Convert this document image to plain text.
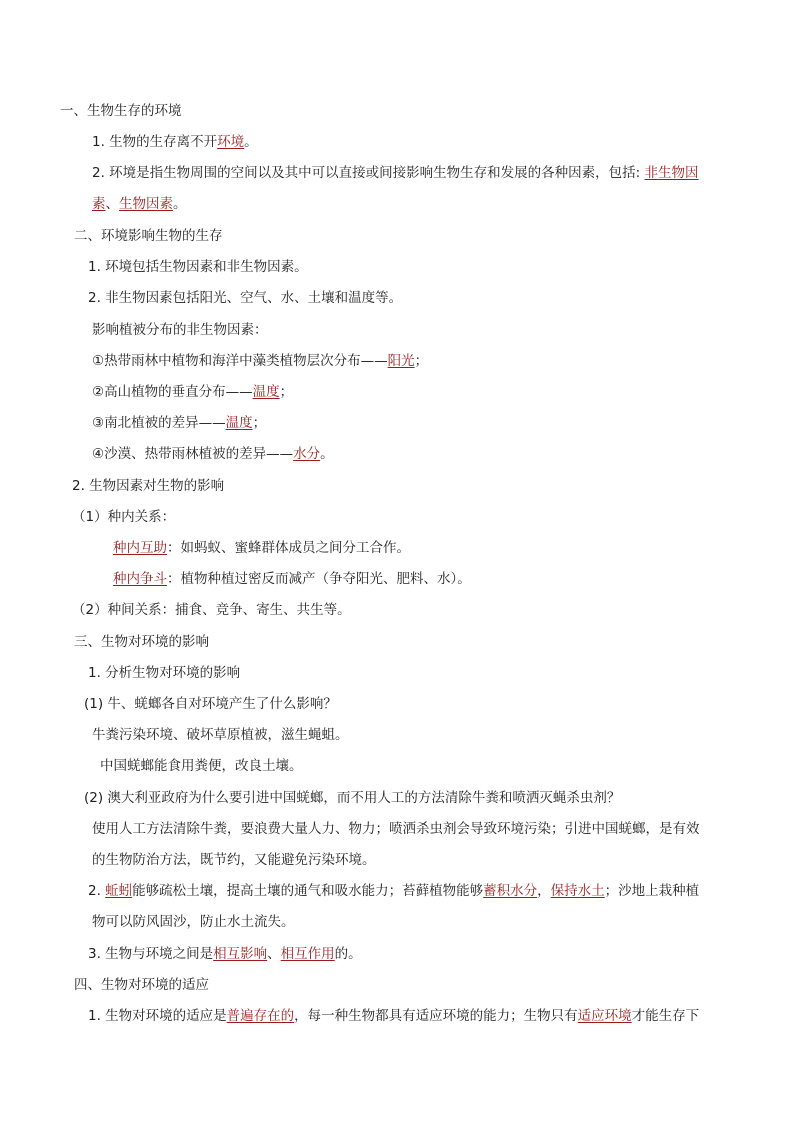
一、生物生存的环境
1. 生物的生存离不开环境。
2. 环境是指生物周围的空间以及其中可以直接或间接影响生物生存和发展的各种因素，包括: 非生物因
素、生物因素。
二、环境影响生物的生存
1. 环境包括生物因素和非生物因素。
2. 非生物因素包括阳光、空气、水、土壤和温度等。
影响植被分布的非生物因素：
①热带雨林中植物和海洋中藻类植物层次分布——阳光；
②高山植物的垂直分布——温度；
③南北植被的差异——温度；
④沙漠、热带雨林植被的差异——水分。
2. 生物因素对生物的影响
（1）种内关系：
种内互助：如蚂蚁、蜜蜂群体成员之间分工合作。
种内争斗：植物种植过密反而减产（争夺阳光、肥料、水）。
（2）种间关系：捕食、竞争、寄生、共生等。
三、生物对环境的影响
1. 分析生物对环境的影响
(1) 牛、蜣螂各自对环境产生了什么影响？
牛粪污染环境、破坏草原植被，滋生蝇蛆。
中国蜣螂能食用粪便，改良土壤。
(2) 澳大利亚政府为什么要引进中国蜣螂，而不用人工的方法清除牛粪和喷洒灭蝇杀虫剂？
使用人工方法清除牛粪，要浪费大量人力、物力；喷洒杀虫剂会导致环境污染；引进中国蜣螂，是有效
的生物防治方法，既节约，又能避免污染环境。
2. 蚯蚓能够疏松土壤，提高土壤的通气和吸水能力；苔藓植物能够蓄积水分，保持水土；沙地上栽种植
物可以防风固沙，防止水土流失。
3. 生物与环境之间是相互影响、相互作用的。
四、生物对环境的适应
1. 生物对环境的适应是普遍存在的，每一种生物都具有适应环境的能力；生物只有适应环境才能生存下
